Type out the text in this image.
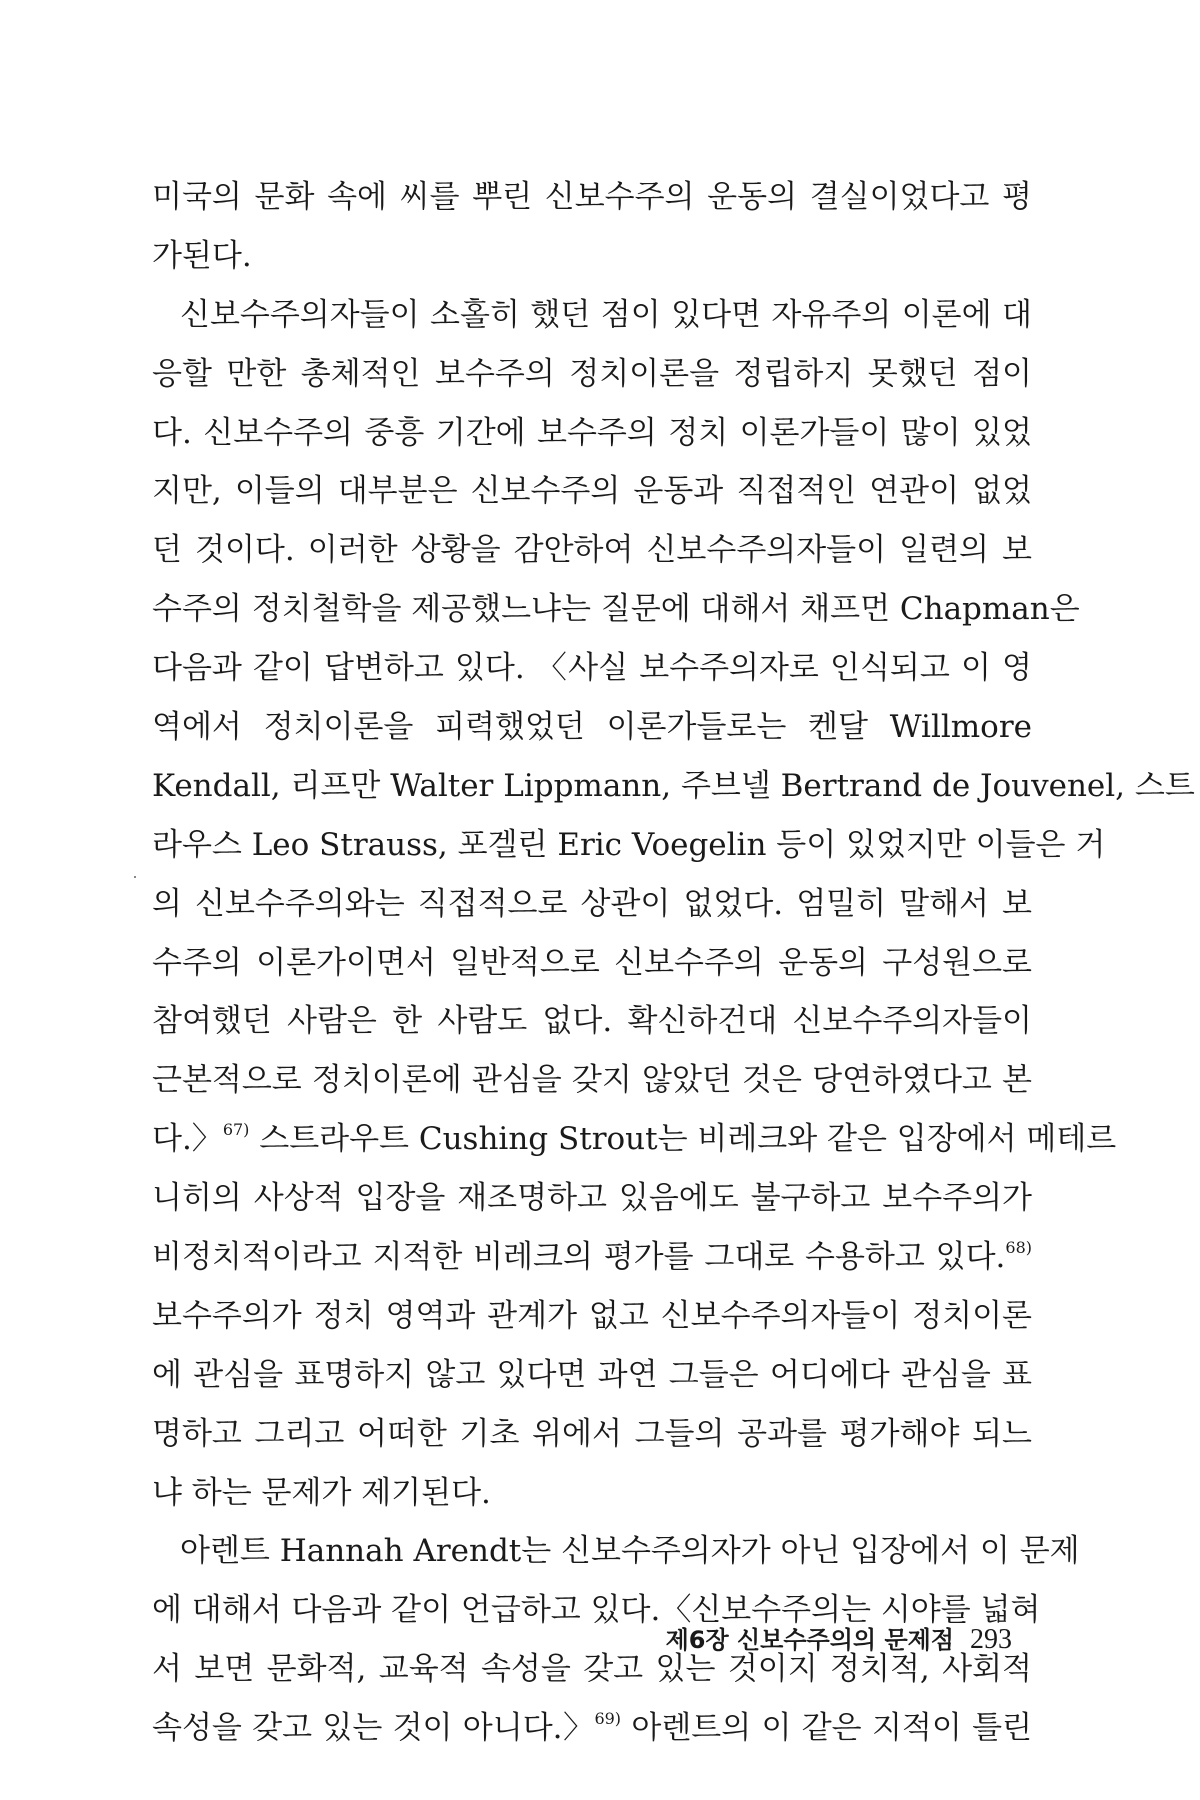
미국의 문화 속에 씨를 뿌린 신보수주의 운동의 결실이었다고 평
가된다.
신보수주의자들이 소홀히 했던 점이 있다면 자유주의 이론에 대
응할 만한 총체적인 보수주의 정치이론을 정립하지 못했던 점이
다. 신보수주의 중흥 기간에 보수주의 정치 이론가들이 많이 있었
지만, 이들의 대부분은 신보수주의 운동과 직접적인 연관이 없었
던 것이다. 이러한 상황을 감안하여 신보수주의자들이 일련의 보
수주의 정치철학을 제공했느냐는 질문에 대해서 채프먼 Chapman은
다음과 같이 답변하고 있다. 〈사실 보수주의자로 인식되고 이 영
역에서 정치이론을 피력했었던 이론가들로는 켄달 Willmore
Kendall, 리프만 Walter Lippmann, 주브넬 Bertrand de Jouvenel, 스트
라우스 Leo Strauss, 포겔린 Eric Voegelin 등이 있었지만 이들은 거
의 신보수주의와는 직접적으로 상관이 없었다. 엄밀히 말해서 보
수주의 이론가이면서 일반적으로 신보수주의 운동의 구성원으로
참여했던 사람은 한 사람도 없다. 확신하건대 신보수주의자들이
근본적으로 정치이론에 관심을 갖지 않았던 것은 당연하였다고 본
다.〉$^{67)}$ 스트라우트 Cushing Strout는 비레크와 같은 입장에서 메테르
니히의 사상적 입장을 재조명하고 있음에도 불구하고 보수주의가
비정치적이라고 지적한 비레크의 평가를 그대로 수용하고 있다.$^{68)}$
보수주의가 정치 영역과 관계가 없고 신보수주의자들이 정치이론
에 관심을 표명하지 않고 있다면 과연 그들은 어디에다 관심을 표
명하고 그리고 어떠한 기초 위에서 그들의 공과를 평가해야 되느
냐 하는 문제가 제기된다.
아렌트 Hannah Arendt는 신보수주의자가 아닌 입장에서 이 문제
에 대해서 다음과 같이 언급하고 있다.〈신보수주의는 시야를 넓혀
서 보면 문화적, 교육적 속성을 갖고 있는 것이지 정치적, 사회적
속성을 갖고 있는 것이 아니다.〉$^{69)}$ 아렌트의 이 같은 지적이 틀린
제6장 신보수주의의 문제점 293
